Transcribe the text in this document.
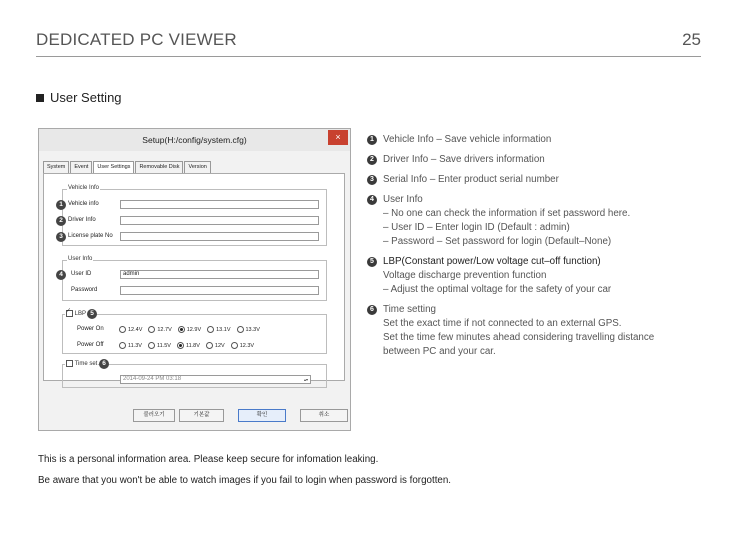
DEDICATED PC VIEWER	25
User Setting
Setup(H:/config/system.cfg)	×
System	Event	User Settings	Removable Disk	Version
Vehicle Info
1 Vehicle info
2 Driver Info
3 License plate No
User Info
4	User ID	admin
Password
✓ LBP 5
Power On	12.4V	12.7V	12.9V	13.1V	13.3V
Power Off	11.3V	11.5V	11.8V	12V	12.3V
Time set 6
2014-09-24 PM 03:18	▴▾
불러오기	기본값	확인	취소
1 Vehicle Info – Save vehicle information
2 Driver Info – Save drivers information
3 Serial Info – Enter product serial number
4 User Info
– No one can check the information if set password here.
– User ID – Enter login ID (Default : admin)
– Password – Set password for login (Default–None)
5 LBP(Constant power/Low voltage cut–off function)
Voltage discharge prevention function
– Adjust the optimal voltage for the safety of your car
6 Time setting
Set the exact time if not connected to an external GPS.
Set the time few minutes ahead considering travelling distance
between PC and your car.
This is a personal information area. Please keep secure for infomation leaking.
Be aware that you won't be able to watch images if you fail to login when password is forgotten.
